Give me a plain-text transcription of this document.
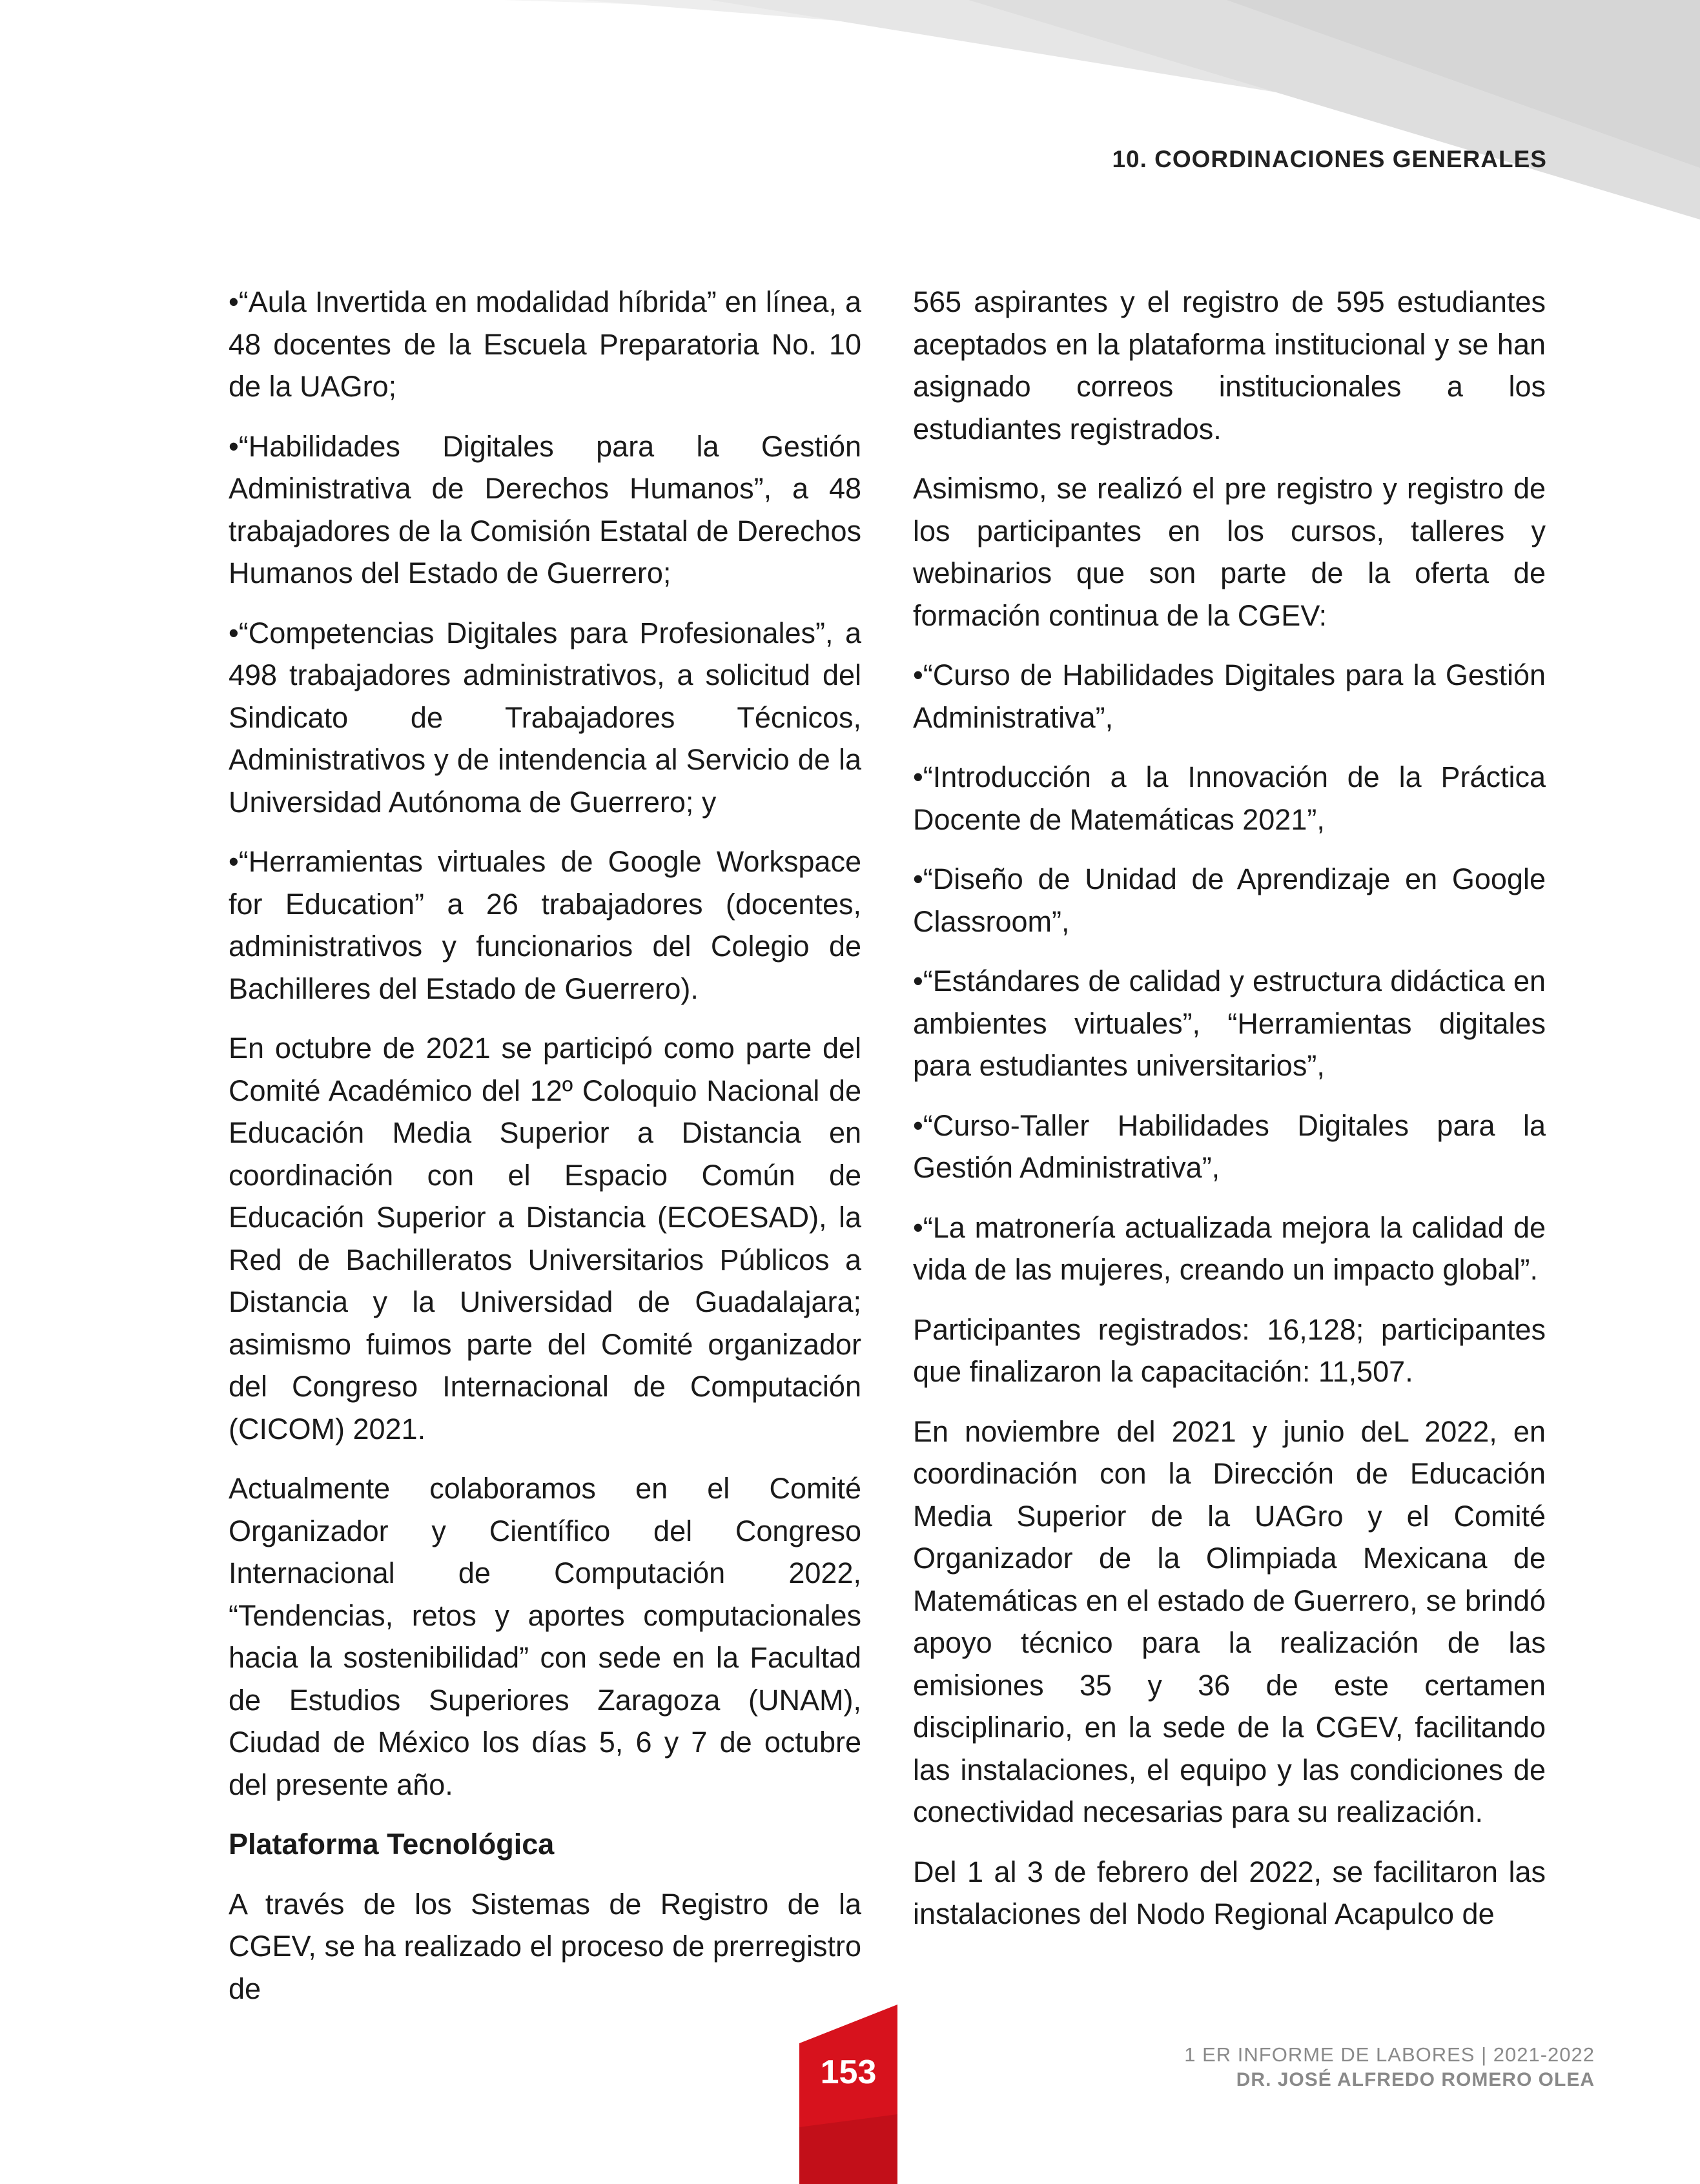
10. COORDINACIONES GENERALES

•“Aula Invertida en modalidad híbrida” en línea, a 48 docentes de la Escuela Preparatoria No. 10 de la UAGro;

•“Habilidades Digitales para la Gestión Administrativa de Derechos Humanos”, a 48 trabajadores de la Comisión Estatal de Derechos Humanos del Estado de Guerrero;

•“Competencias Digitales para Profesionales”, a 498 trabajadores administrativos, a solicitud del Sindicato de Trabajadores Técnicos, Administrativos y de intendencia al Servicio de la Universidad Autónoma de Guerrero; y

•“Herramientas virtuales de Google Workspace for Education” a 26 trabajadores (docentes, administrativos y funcionarios del Colegio de Bachilleres del Estado de Guerrero).

En octubre de 2021 se participó como parte del Comité Académico del 12º Coloquio Nacional de Educación Media Superior a Distancia en coordinación con el Espacio Común de Educación Superior a Distancia (ECOESAD), la Red de Bachilleratos Universitarios Públicos a Distancia y la Universidad de Guadalajara; asimismo fuimos parte del Comité organizador del Congreso Internacional de Computación (CICOM) 2021.

Actualmente colaboramos en el Comité Organizador y Científico del Congreso Internacional de Computación 2022, “Tendencias, retos y aportes computacionales hacia la sostenibilidad” con sede en la Facultad de Estudios Superiores Zaragoza (UNAM), Ciudad de México los días 5, 6 y 7 de octubre del presente año.

Plataforma Tecnológica

A través de los Sistemas de Registro de la CGEV, se ha realizado el proceso de prerregistro de

565 aspirantes y el registro de 595 estudiantes aceptados en la plataforma institucional y se han asignado correos institucionales a los estudiantes registrados.

Asimismo, se realizó el pre registro y registro de los participantes en los cursos, talleres y webinarios que son parte de la oferta de formación continua de la CGEV:

•“Curso de Habilidades Digitales para la Gestión Administrativa”,

•“Introducción a la Innovación de la Práctica Docente de Matemáticas 2021”,

•“Diseño de Unidad de Aprendizaje en Google Classroom”,

•“Estándares de calidad y estructura didáctica en ambientes virtuales”, “Herramientas digitales para estudiantes universitarios”,

•“Curso-Taller Habilidades Digitales para la Gestión Administrativa”,

•“La matronería actualizada mejora la calidad de vida de las mujeres, creando un impacto global”.

Participantes registrados: 16,128; participantes que finalizaron la capacitación: 11,507.

En noviembre del 2021 y junio deL 2022, en coordinación con la Dirección de Educación Media Superior de la UAGro y el Comité Organizador de la Olimpiada Mexicana de Matemáticas en el estado de Guerrero, se brindó apoyo técnico para la realización de las emisiones 35 y 36 de este certamen disciplinario, en la sede de la CGEV, facilitando las instalaciones, el equipo y las condiciones de conectividad necesarias para su realización.

Del 1 al 3 de febrero del 2022, se facilitaron las instalaciones del Nodo Regional Acapulco de

153	1 ER INFORME DE LABORES | 2021-2022
DR. JOSÉ ALFREDO ROMERO OLEA
